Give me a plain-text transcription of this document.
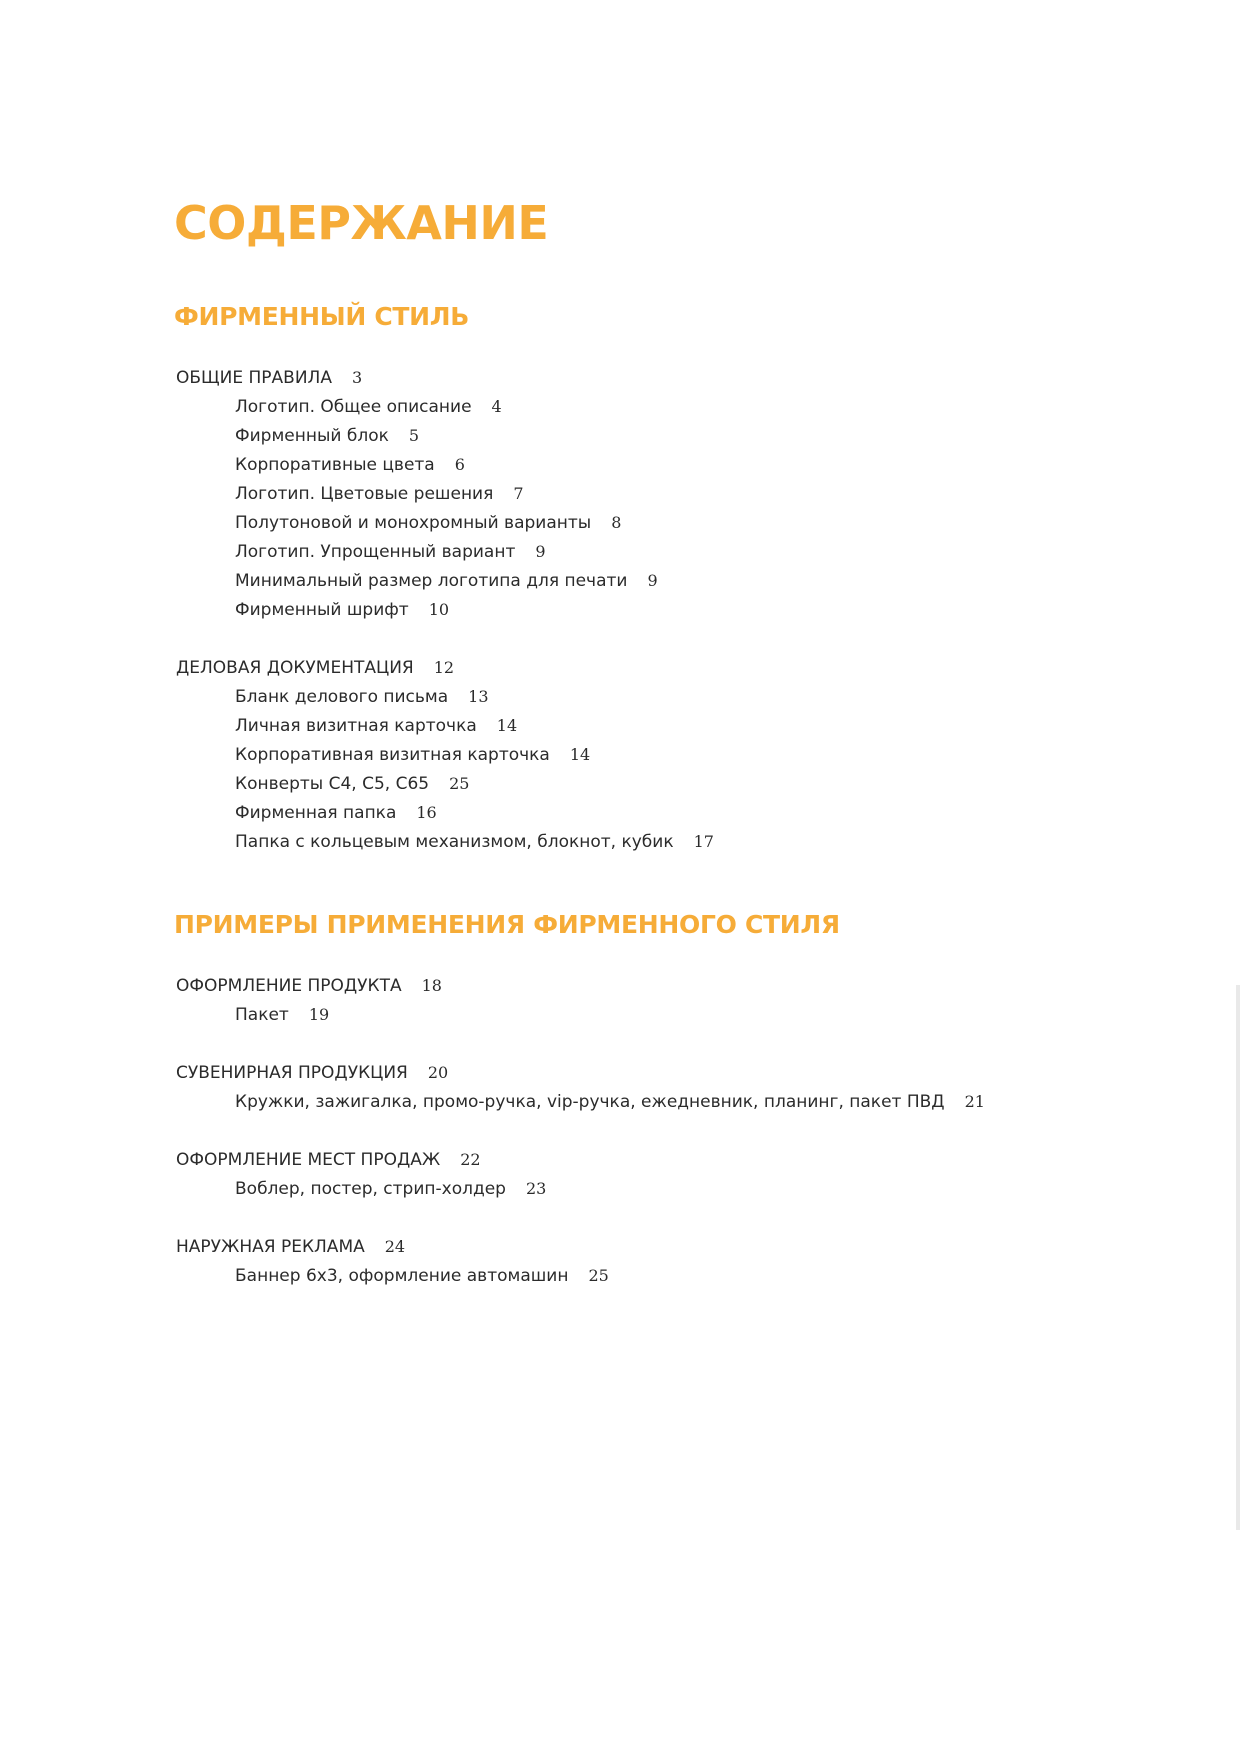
СОДЕРЖАНИЕ
ФИРМЕННЫЙ СТИЛЬ
ОБЩИЕ ПРАВИЛА 3
Логотип. Общее описание 4
Фирменный блок 5
Корпоративные цвета 6
Логотип. Цветовые решения 7
Полутоновой и монохромный варианты 8
Логотип. Упрощенный вариант 9
Минимальный размер логотипа для печати 9
Фирменный шрифт 10
ДЕЛОВАЯ ДОКУМЕНТАЦИЯ 12
Бланк делового письма 13
Личная визитная карточка 14
Корпоративная визитная карточка 14
Конверты С4, С5, С65 25
Фирменная папка 16
Папка с кольцевым механизмом, блокнот, кубик 17
ПРИМЕРЫ ПРИМЕНЕНИЯ ФИРМЕННОГО СТИЛЯ
ОФОРМЛЕНИЕ ПРОДУКТА 18
Пакет 19
СУВЕНИРНАЯ ПРОДУКЦИЯ 20
Кружки, зажигалка, промо-ручка, vip-ручка, ежедневник, планинг, пакет ПВД 21
ОФОРМЛЕНИЕ МЕСТ ПРОДАЖ 22
Воблер, постер, стрип-холдер 23
НАРУЖНАЯ РЕКЛАМА 24
Баннер 6х3, оформление автомашин 25
